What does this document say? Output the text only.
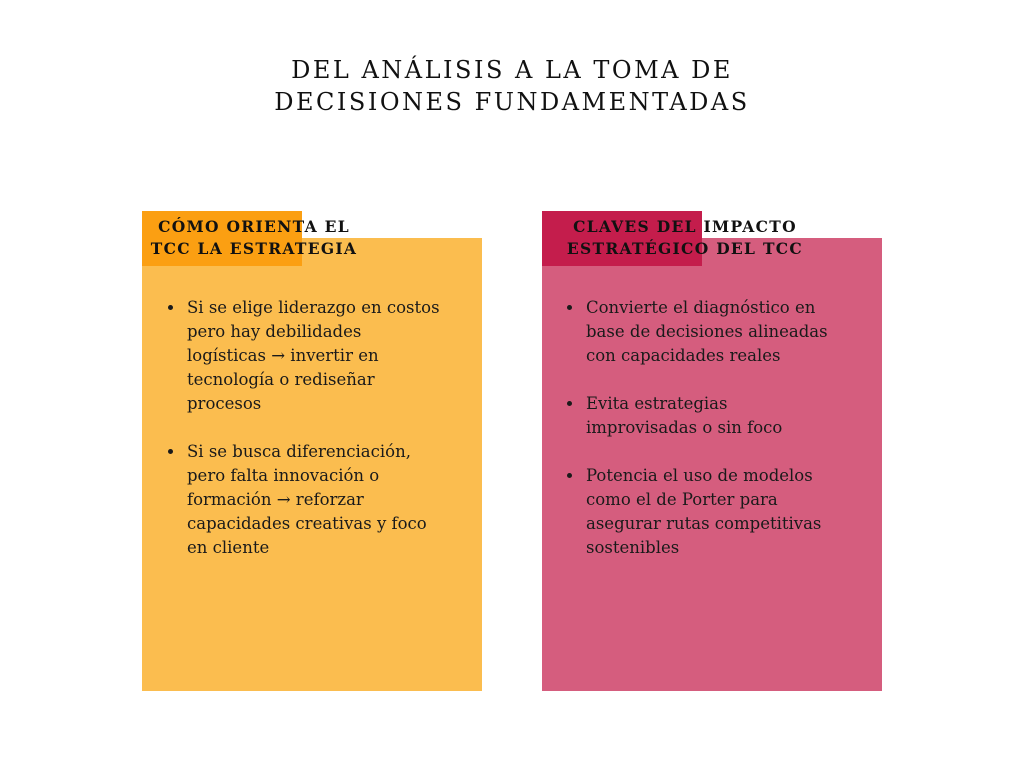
DEL ANÁLISIS A LA TOMA DE
DECISIONES FUNDAMENTADAS
CÓMO ORIENTA EL
TCC LA ESTRATEGIA
Si se elige liderazgo en costos
pero hay debilidades
logísticas → invertir en
tecnología o rediseñar
procesos
Si se busca diferenciación,
pero falta innovación o
formación → reforzar
capacidades creativas y foco
en cliente
CLAVES DEL IMPACTO
ESTRATÉGICO DEL TCC
Convierte el diagnóstico en
base de decisiones alineadas
con capacidades reales
Evita estrategias
improvisadas o sin foco
Potencia el uso de modelos
como el de Porter para
asegurar rutas competitivas
sostenibles
